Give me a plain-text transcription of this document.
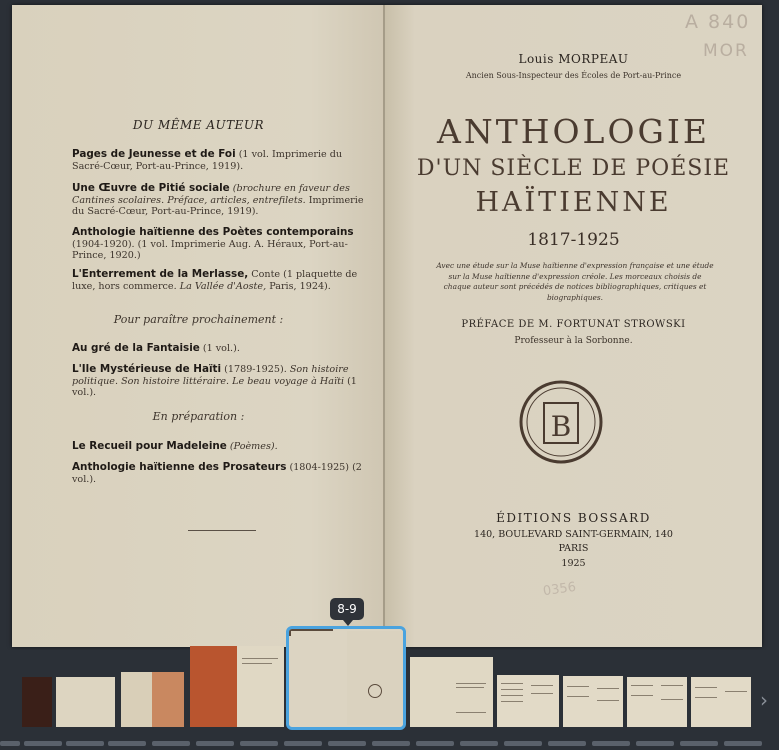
DU MÊME AUTEUR
Pages de Jeunesse et de Foi (1 vol. Imprimerie du Sacré-Cœur, Port-au-Prince, 1919).
Une Œuvre de Pitié sociale (brochure en faveur des Cantines scolaires. Préface, articles, entrefilets. Imprimerie du Sacré-Cœur, Port-au-Prince, 1919).
Anthologie haïtienne des Poètes contemporains (1904-1920). (1 vol. Imprimerie Aug. A. Héraux, Port-au-Prince, 1920.)
L'Enterrement de la Merlasse, Conte (1 plaquette de luxe, hors commerce. La Vallée d'Aoste, Paris, 1924).
Pour paraître prochainement :
Au gré de la Fantaisie (1 vol.).
L'Ile Mystérieuse de Haïti (1789-1925). Son histoire politique. Son histoire littéraire. Le beau voyage à Haïti (1 vol.).
En préparation :
Le Recueil pour Madeleine (Poèmes).
Anthologie haïtienne des Prosateurs (1804-1925) (2 vol.).
A 840
MOR
Louis MORPEAU
Ancien Sous-Inspecteur des Écoles de Port-au-Prince
ANTHOLOGIE
D'UN SIÈCLE DE POÉSIE
HAÏTIENNE
1817-1925
Avec une étude sur la Muse haïtienne d'expression française et une étude sur la Muse haïtienne d'expression créole. Les morceaux choisis de chaque auteur sont précédés de notices bibliographiques, critiques et biographiques.
PRÉFACE DE M. FORTUNAT STROWSKI
Professeur à la Sorbonne.
B
ÉDITIONS BOSSARD
140, BOULEVARD SAINT-GERMAIN, 140
PARIS
1925
0356
8-9
›
